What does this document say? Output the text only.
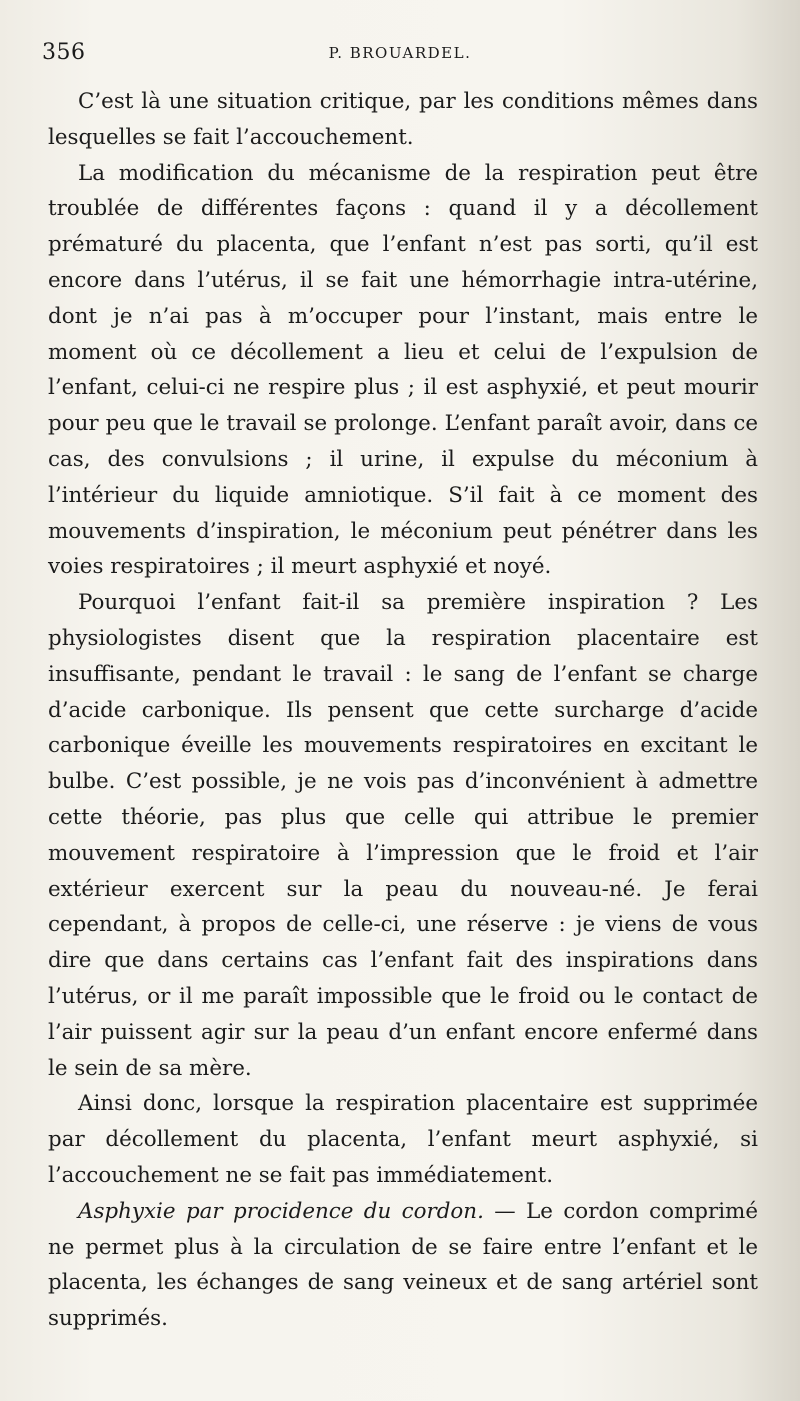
356	P. BROUARDEL.

C’est là une situation critique, par les conditions mêmes dans lesquelles se fait l’accouchement.

La modification du mécanisme de la respiration peut être troublée de différentes façons : quand il y a décollement prématuré du placenta, que l’enfant n’est pas sorti, qu’il est encore dans l’utérus, il se fait une hémorrhagie intra-utérine, dont je n’ai pas à m’occuper pour l’instant, mais entre le moment où ce décollement a lieu et celui de l’expulsion de l’enfant, celui-ci ne respire plus ; il est asphyxié, et peut mourir pour peu que le travail se prolonge. L’enfant paraît avoir, dans ce cas, des convulsions ; il urine, il expulse du méconium à l’intérieur du liquide amniotique. S’il fait à ce moment des mouvements d’inspiration, le méconium peut pénétrer dans les voies respiratoires ; il meurt asphyxié et noyé.

Pourquoi l’enfant fait-il sa première inspiration ? Les physiologistes disent que la respiration placentaire est insuffisante, pendant le travail : le sang de l’enfant se charge d’acide carbonique. Ils pensent que cette surcharge d’acide carbonique éveille les mouvements respiratoires en excitant le bulbe. C’est possible, je ne vois pas d’inconvénient à admettre cette théorie, pas plus que celle qui attribue le premier mouvement respiratoire à l’impression que le froid et l’air extérieur exercent sur la peau du nouveau-né. Je ferai cependant, à propos de celle-ci, une réserve : je viens de vous dire que dans certains cas l’enfant fait des inspirations dans l’utérus, or il me paraît impossible que le froid ou le contact de l’air puissent agir sur la peau d’un enfant encore enfermé dans le sein de sa mère.

Ainsi donc, lorsque la respiration placentaire est supprimée par décollement du placenta, l’enfant meurt asphyxié, si l’accouchement ne se fait pas immédiatement.

Asphyxie par procidence du cordon. — Le cordon comprimé ne permet plus à la circulation de se faire entre l’enfant et le placenta, les échanges de sang veineux et de sang artériel sont supprimés.
